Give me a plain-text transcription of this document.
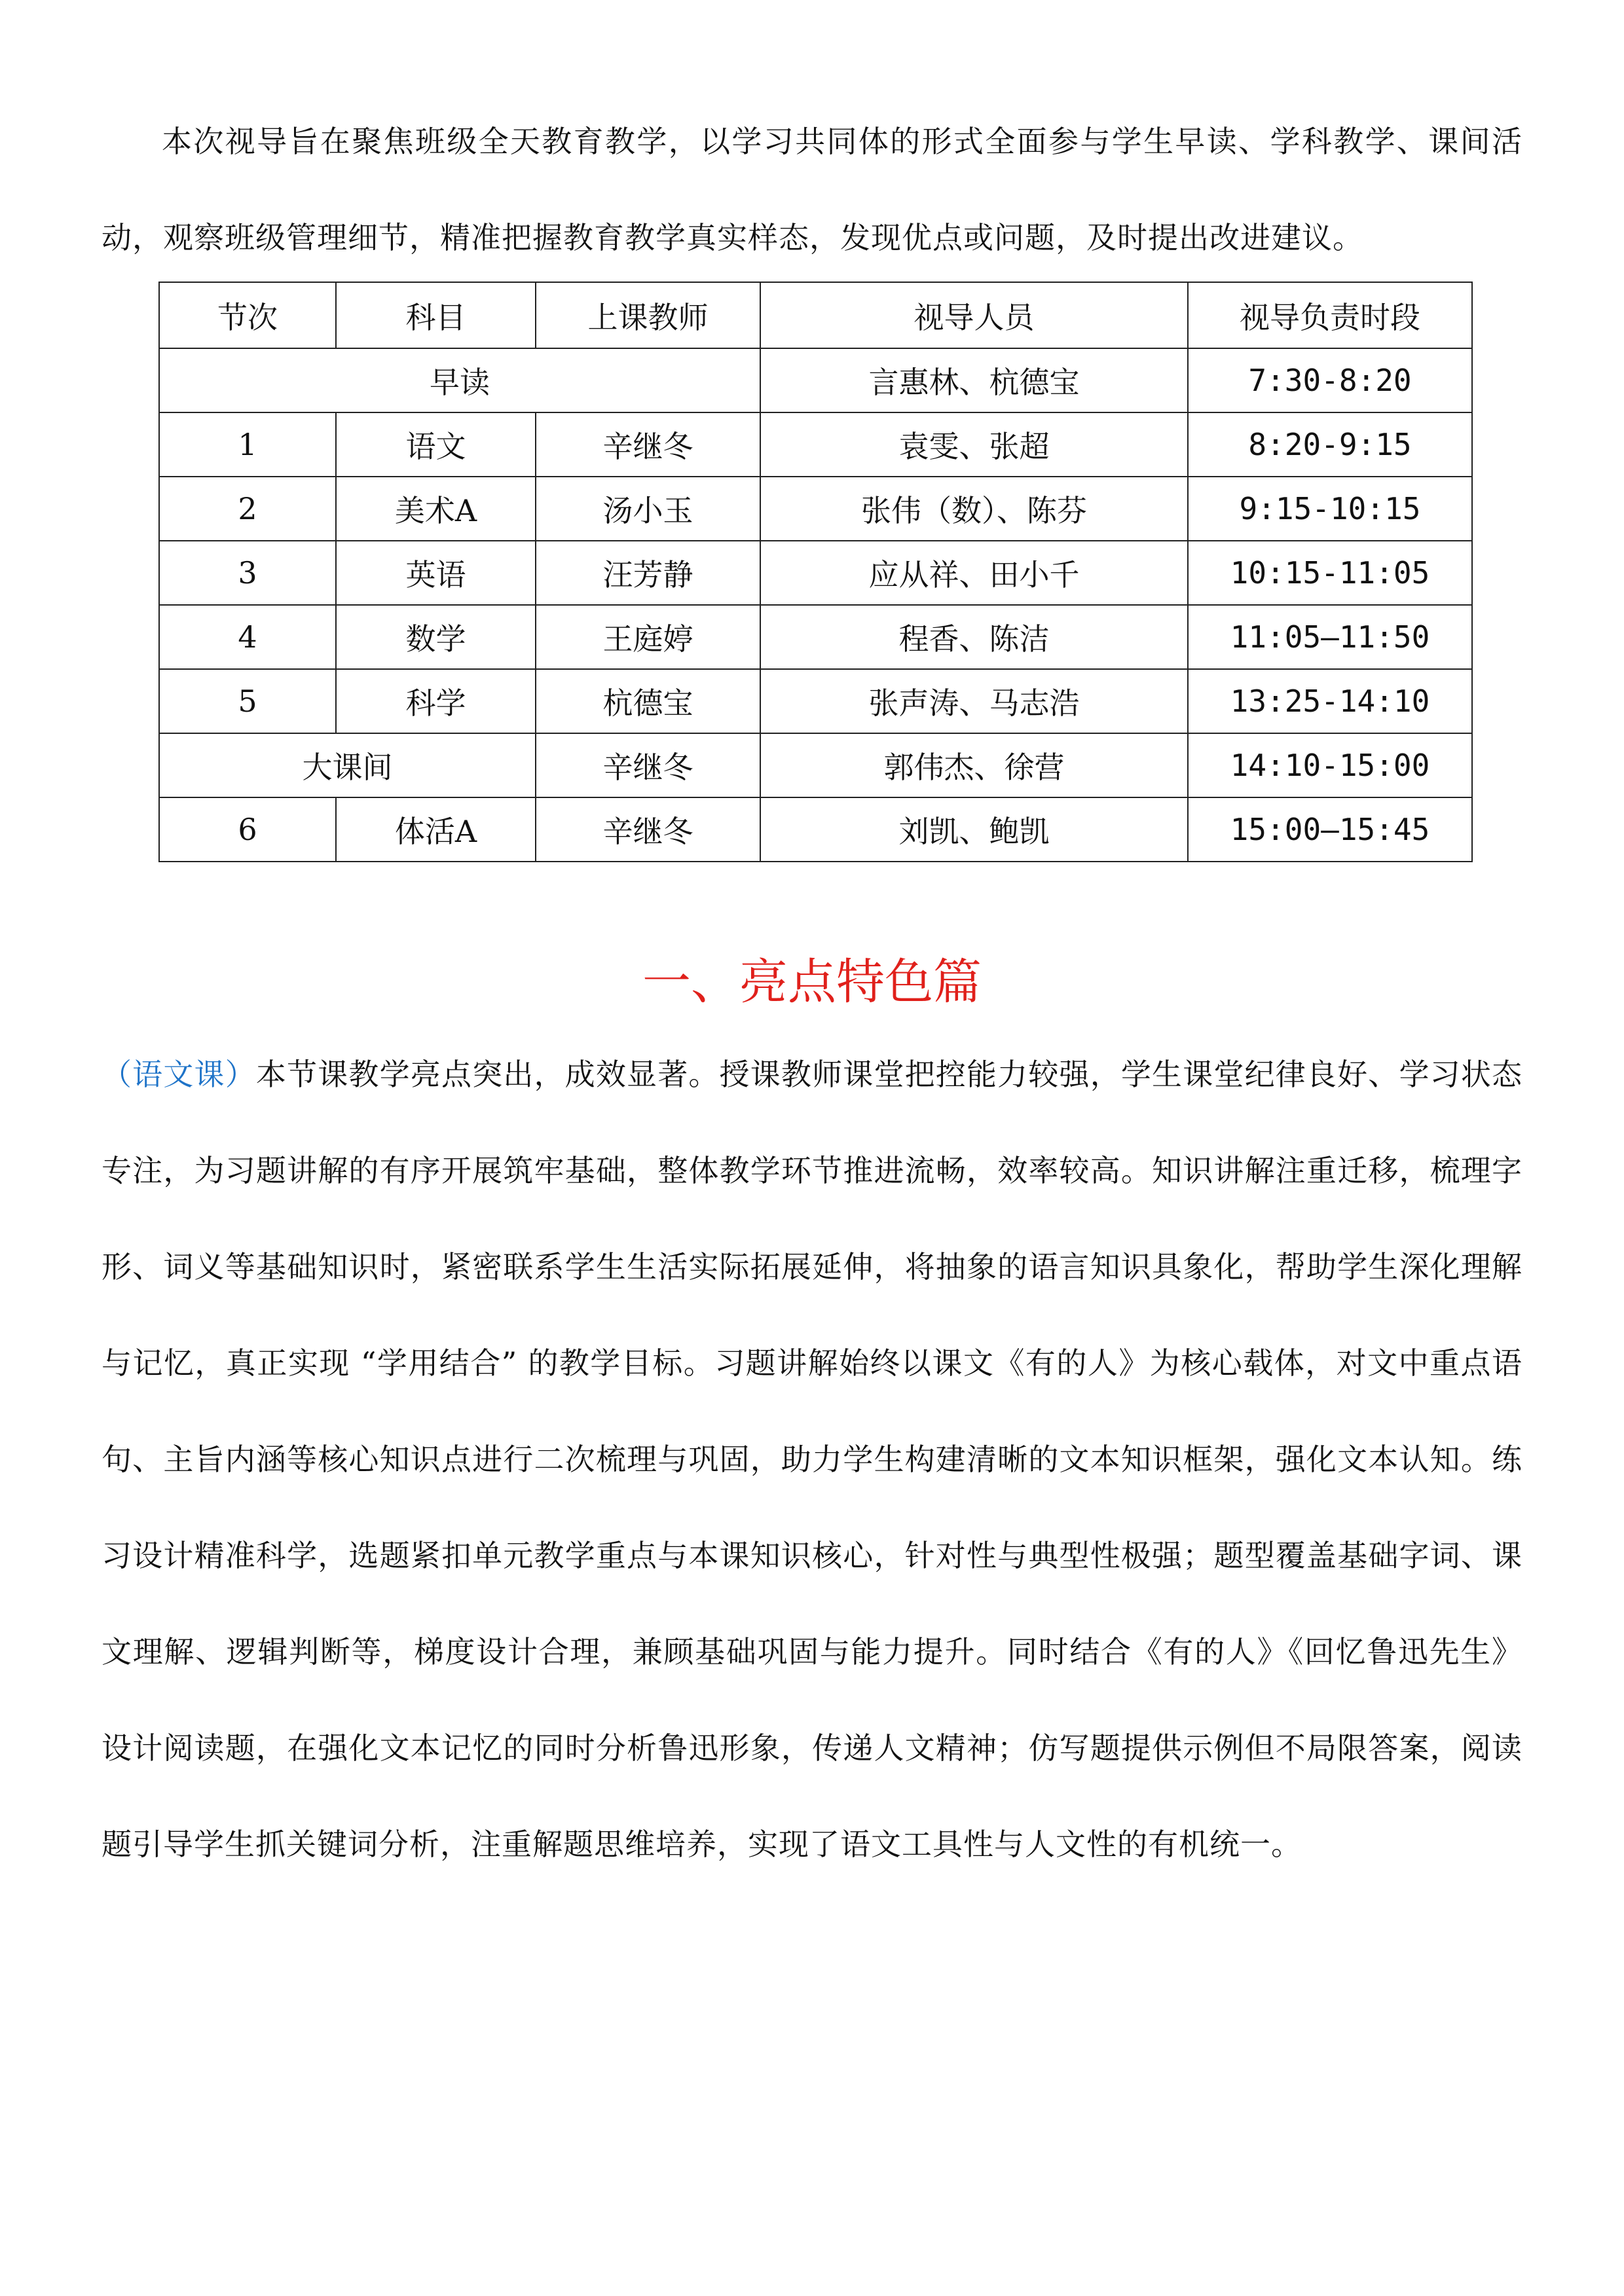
本次视导旨在聚焦班级全天教育教学，以学习共同体的形式全面参与学生早读、学科教学、课间活动，观察班级管理细节，精准把握教育教学真实样态，发现优点或问题，及时提出改进建议。

节次	科目	上课教师	视导人员	视导负责时段
早读			言惠林、杭德宝	7:30-8:20
1	语文	辛继冬	袁雯、张超	8:20-9:15
2	美术A	汤小玉	张伟（数）、陈芬	9:15-10:15
3	英语	汪芳静	应从祥、田小千	10:15-11:05
4	数学	王庭婷	程香、陈洁	11:05—11:50
5	科学	杭德宝	张声涛、马志浩	13:25-14:10
大课间		辛继冬	郭伟杰、徐营	14:10-15:00
6	体活A	辛继冬	刘凯、鲍凯	15:00—15:45
一、亮点特色篇

（语文课）本节课教学亮点突出，成效显著。授课教师课堂把控能力较强，学生课堂纪律良好、学习状态专注，为习题讲解的有序开展筑牢基础，整体教学环节推进流畅，效率较高。知识讲解注重迁移，梳理字形、词义等基础知识时，紧密联系学生生活实际拓展延伸，将抽象的语言知识具象化，帮助学生深化理解与记忆，真正实现 “学用结合” 的教学目标。习题讲解始终以课文《有的人》为核心载体，对文中重点语句、主旨内涵等核心知识点进行二次梳理与巩固，助力学生构建清晰的文本知识框架，强化文本认知。练习设计精准科学，选题紧扣单元教学重点与本课知识核心，针对性与典型性极强；题型覆盖基础字词、课文理解、逻辑判断等，梯度设计合理，兼顾基础巩固与能力提升。同时结合《有的人》《回忆鲁迅先生》设计阅读题，在强化文本记忆的同时分析鲁迅形象，传递人文精神；仿写题提供示例但不局限答案，阅读题引导学生抓关键词分析，注重解题思维培养，实现了语文工具性与人文性的有机统一。
